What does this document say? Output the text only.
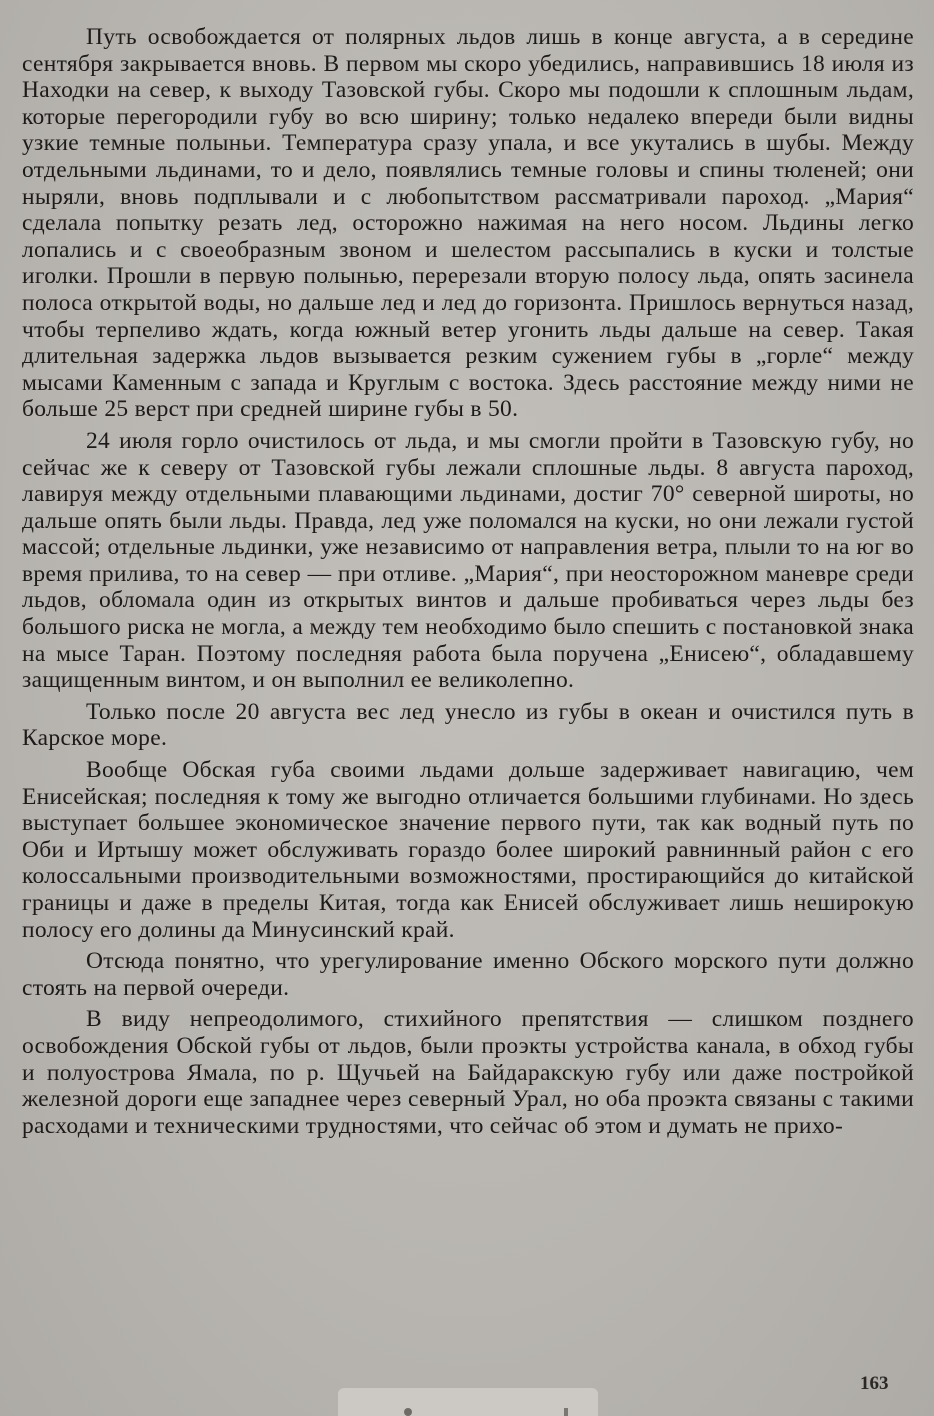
Путь освобождается от полярных льдов лишь в конце августа, а в середине сентября закрывается вновь. В первом мы скоро убедились, направившись 18 июля из Находки на север, к выходу Тазовской губы. Скоро мы подошли к сплошным льдам, которые перегородили губу во всю ширину; только недалеко впереди были видны узкие темные полыньи. Температура сразу упала, и все укутались в шубы. Между отдельными льдинами, то и дело, появлялись темные головы и спины тюленей; они ныряли, вновь подплывали и с любопытством рассматривали пароход. „Мария“ сделала попытку резать лед, осторожно нажимая на него носом. Льдины легко лопались и с своеобразным звоном и шелестом рассыпались в куски и толстые иголки. Прошли в первую полынью, перерезали вторую полосу льда, опять засинела полоса открытой воды, но дальше лед и лед до горизонта. Пришлось вернуться назад, чтобы терпеливо ждать, когда южный ветер угонить льды дальше на север. Такая длительная задержка льдов вызывается резким сужением губы в „горле“ между мысами Каменным с запада и Круглым с востока. Здесь расстояние между ними не больше 25 верст при средней ширине губы в 50.

24 июля горло очистилось от льда, и мы смогли пройти в Тазовскую губу, но сейчас же к северу от Тазовской губы лежали сплошные льды. 8 августа пароход, лавируя между отдельными плавающими льдинами, достиг 70° северной широты, но дальше опять были льды. Правда, лед уже поломался на куски, но они лежали густой массой; отдельные льдинки, уже независимо от направления ветра, плыли то на юг во время прилива, то на север — при отливе. „Мария“, при неосторожном маневре среди льдов, обломала один из открытых винтов и дальше пробиваться через льды без большого риска не могла, а между тем необходимо было спешить с постановкой знака на мысе Таран. Поэтому последняя работа была поручена „Енисею“, обладавшему защищенным винтом, и он выполнил ее великолепно.

Только после 20 августа вес лед унесло из губы в океан и очистился путь в Карское море.

Вообще Обская губа своими льдами дольше задерживает навигацию, чем Енисейская; последняя к тому же выгодно отличается большими глубинами. Но здесь выступает большее экономическое значение первого пути, так как водный путь по Оби и Иртышу может обслуживать гораздо более широкий равнинный район с его колоссальными производительными возможностями, простирающийся до китайской границы и даже в пределы Китая, тогда как Енисей обслуживает лишь неширокую полосу его долины да Минусинский край.

Отсюда понятно, что урегулирование именно Обского морского пути должно стоять на первой очереди.

В виду непреодолимого, стихийного препятствия — слишком позднего освобождения Обской губы от льдов, были проэкты устройства канала, в обход губы и полуострова Ямала, по р. Щучьей на Байдаракскую губу или даже постройкой железной дороги еще западнее через северный Урал, но оба проэкта связаны с такими расходами и техническими трудностями, что сейчас об этом и думать не прихо-

163
